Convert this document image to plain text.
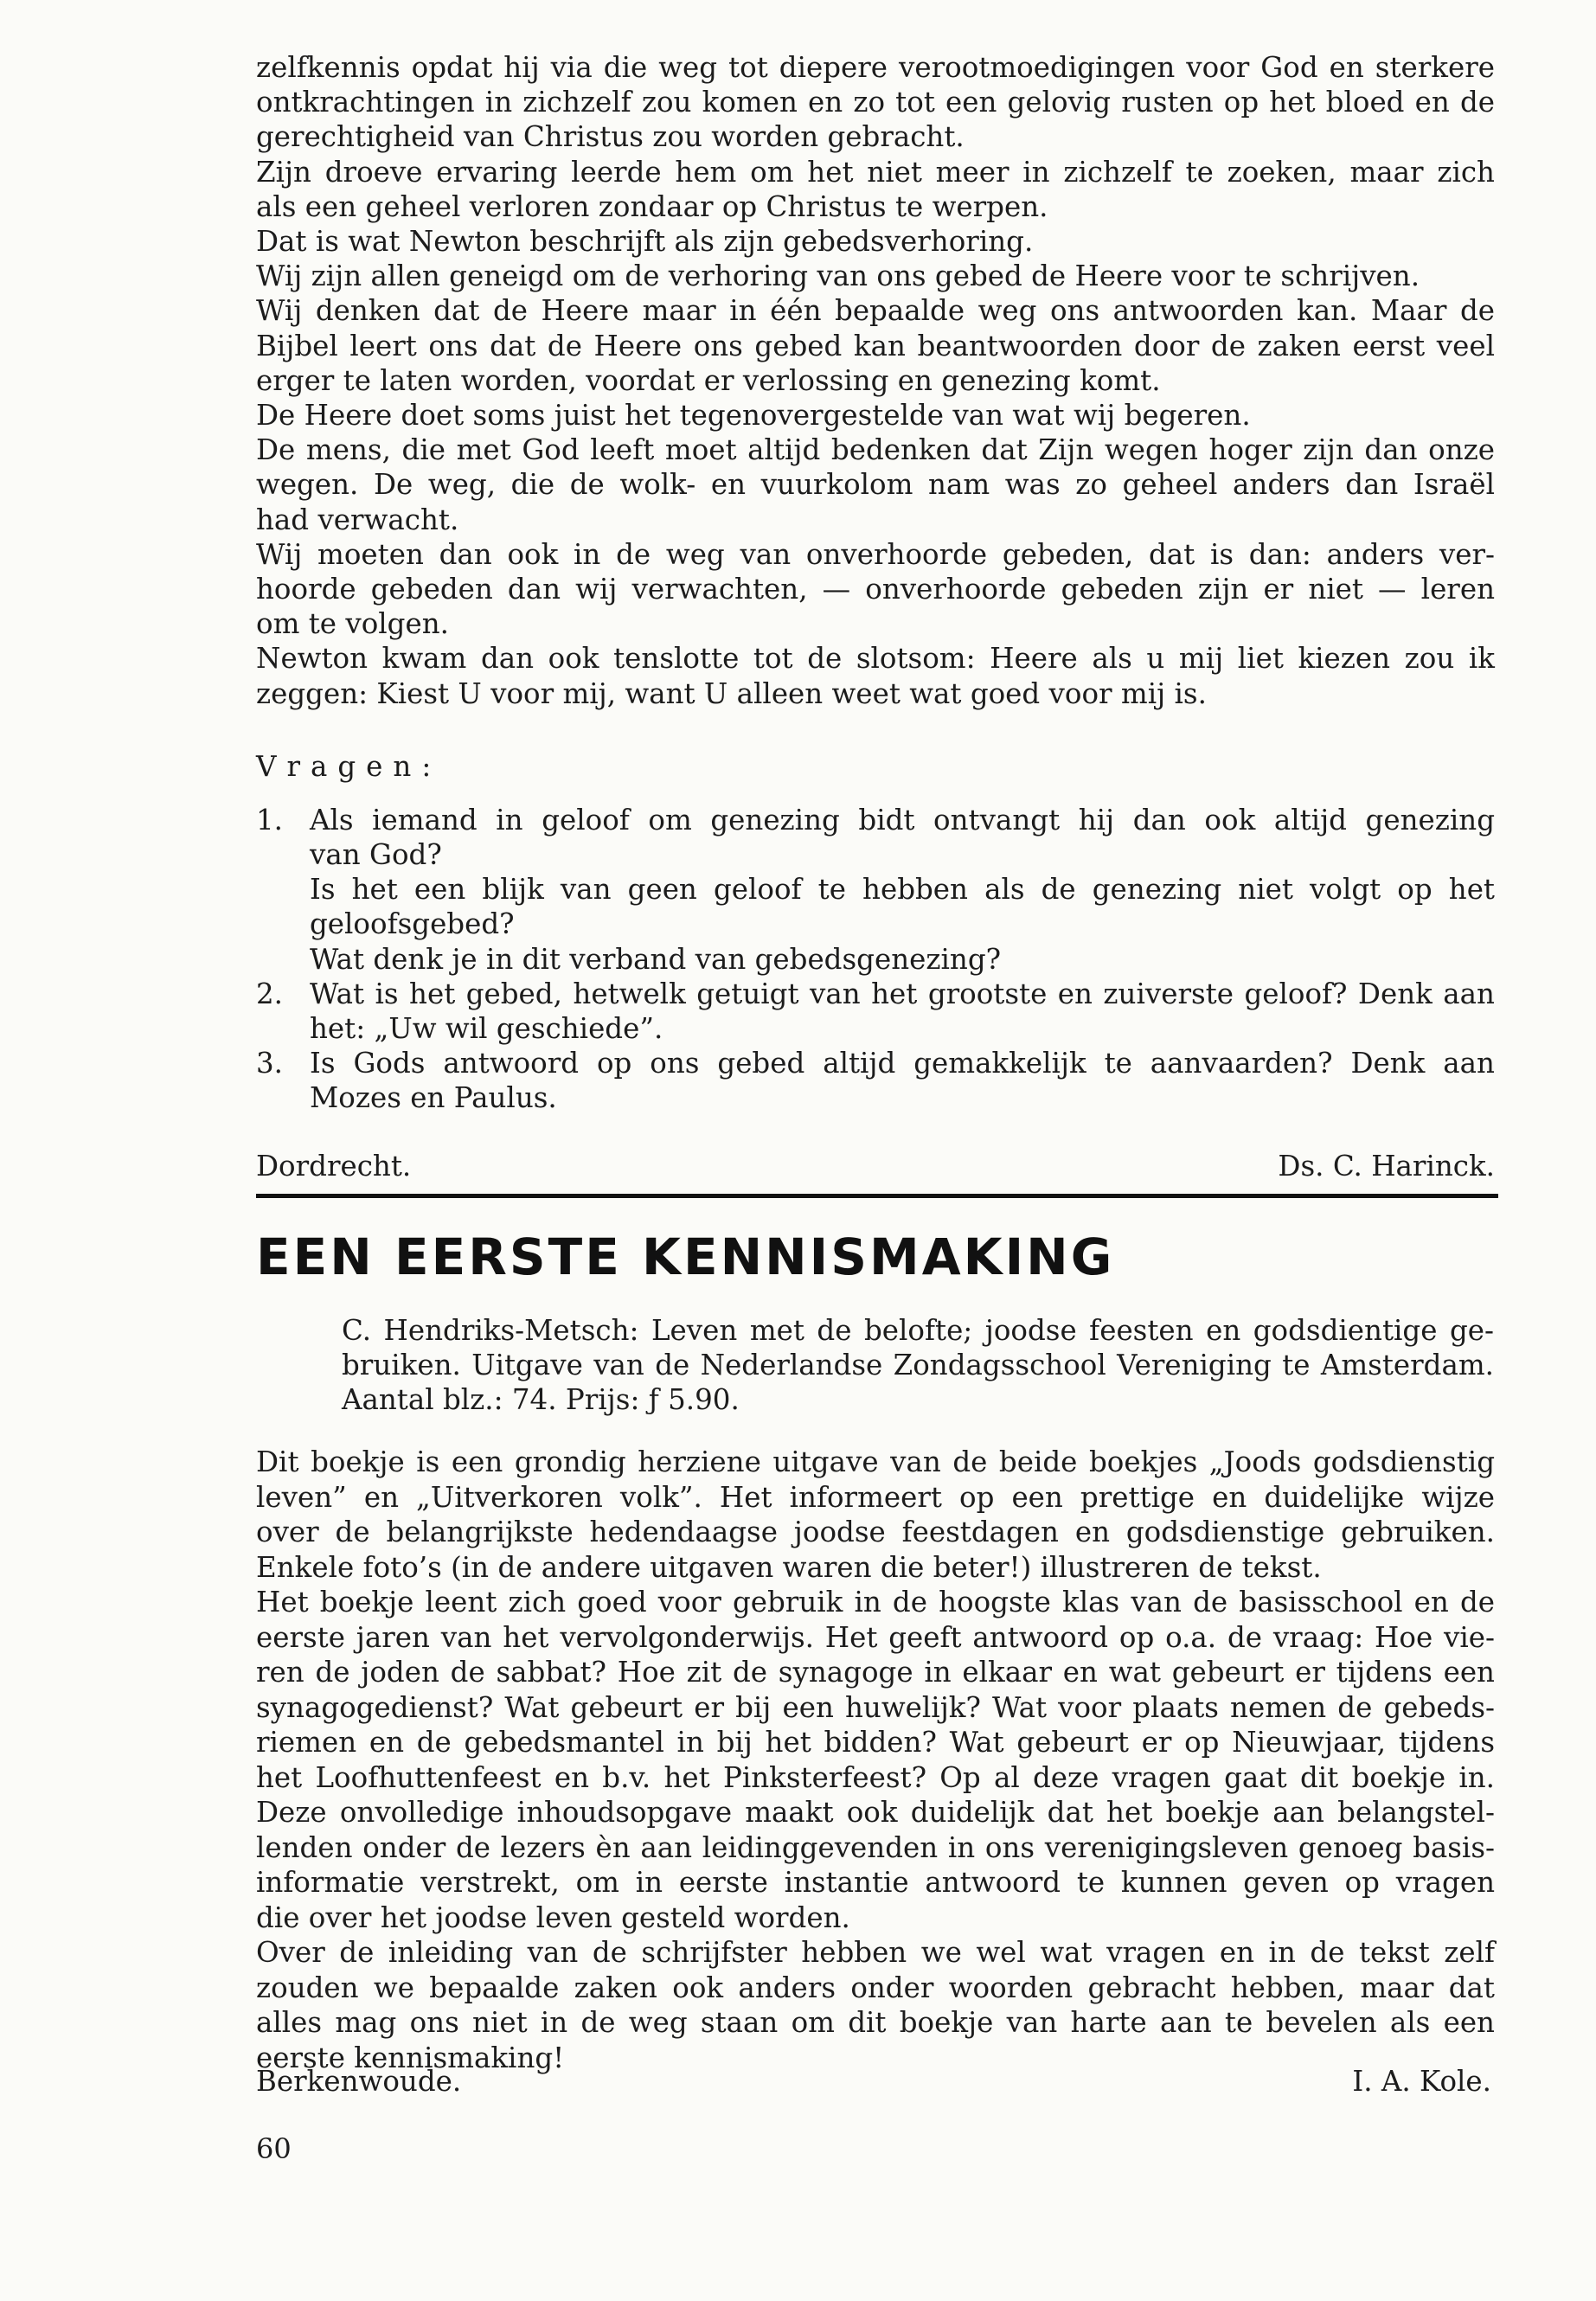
zelfkennis opdat hij via die weg tot diepere verootmoedigingen voor God en sterkere
ontkrachtingen in zichzelf zou komen en zo tot een gelovig rusten op het bloed en de
gerechtigheid van Christus zou worden gebracht.
Zijn droeve ervaring leerde hem om het niet meer in zichzelf te zoeken, maar zich
als een geheel verloren zondaar op Christus te werpen.
Dat is wat Newton beschrijft als zijn gebedsverhoring.
Wij zijn allen geneigd om de verhoring van ons gebed de Heere voor te schrijven.
Wij denken dat de Heere maar in één bepaalde weg ons antwoorden kan. Maar de
Bijbel leert ons dat de Heere ons gebed kan beantwoorden door de zaken eerst veel
erger te laten worden, voordat er verlossing en genezing komt.
De Heere doet soms juist het tegenovergestelde van wat wij begeren.
De mens, die met God leeft moet altijd bedenken dat Zijn wegen hoger zijn dan onze
wegen. De weg, die de wolk- en vuurkolom nam was zo geheel anders dan Israël
had verwacht.
Wij moeten dan ook in de weg van onverhoorde gebeden, dat is dan: anders ver-
hoorde gebeden dan wij verwachten, — onverhoorde gebeden zijn er niet — leren
om te volgen.
Newton kwam dan ook tenslotte tot de slotsom: Heere als u mij liet kiezen zou ik
zeggen: Kiest U voor mij, want U alleen weet wat goed voor mij is.

Vragen:

1. Als iemand in geloof om genezing bidt ontvangt hij dan ook altijd genezing
van God?
Is het een blijk van geen geloof te hebben als de genezing niet volgt op het
geloofsgebed?
Wat denk je in dit verband van gebedsgenezing?
2. Wat is het gebed, hetwelk getuigt van het grootste en zuiverste geloof? Denk aan
het: „Uw wil geschiede”.
3. Is Gods antwoord op ons gebed altijd gemakkelijk te aanvaarden? Denk aan
Mozes en Paulus.
Dordrecht.	Ds. C. Harinck.
EEN EERSTE KENNISMAKING
C. Hendriks-Metsch: Leven met de belofte; joodse feesten en godsdientige ge-
bruiken. Uitgave van de Nederlandse Zondagsschool Vereniging te Amsterdam.
Aantal blz.: 74. Prijs: ƒ 5.90.
Dit boekje is een grondig herziene uitgave van de beide boekjes „Joods godsdienstig
leven” en „Uitverkoren volk”. Het informeert op een prettige en duidelijke wijze
over de belangrijkste hedendaagse joodse feestdagen en godsdienstige gebruiken.
Enkele foto’s (in de andere uitgaven waren die beter!) illustreren de tekst.
Het boekje leent zich goed voor gebruik in de hoogste klas van de basisschool en de
eerste jaren van het vervolgonderwijs. Het geeft antwoord op o.a. de vraag: Hoe vie-
ren de joden de sabbat? Hoe zit de synagoge in elkaar en wat gebeurt er tijdens een
synagogedienst? Wat gebeurt er bij een huwelijk? Wat voor plaats nemen de gebeds-
riemen en de gebedsmantel in bij het bidden? Wat gebeurt er op Nieuwjaar, tijdens
het Loofhuttenfeest en b.v. het Pinksterfeest? Op al deze vragen gaat dit boekje in.
Deze onvolledige inhoudsopgave maakt ook duidelijk dat het boekje aan belangstel-
lenden onder de lezers èn aan leidinggevenden in ons verenigingsleven genoeg basis-
informatie verstrekt, om in eerste instantie antwoord te kunnen geven op vragen
die over het joodse leven gesteld worden.
Over de inleiding van de schrijfster hebben we wel wat vragen en in de tekst zelf
zouden we bepaalde zaken ook anders onder woorden gebracht hebben, maar dat
alles mag ons niet in de weg staan om dit boekje van harte aan te bevelen als een
eerste kennismaking!
Berkenwoude.	I. A. Kole.
60
